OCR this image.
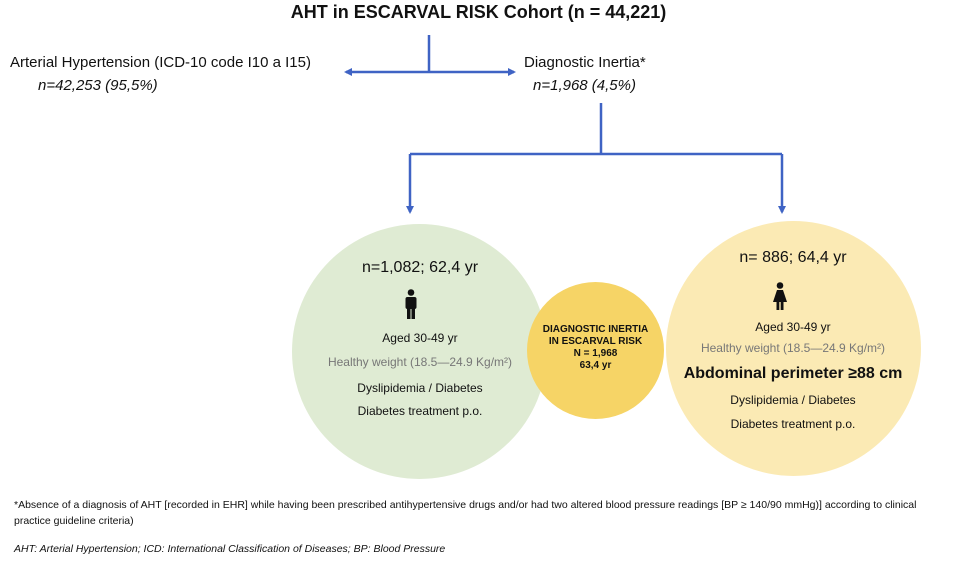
AHT in ESCARVAL RISK Cohort (n = 44,221)
Arterial Hypertension (ICD-10 code I10 a I15)
n=42,253 (95,5%)
Diagnostic Inertia*
n=1,968 (4,5%)
n=1,082; 62,4 yr
Aged 30-49 yr
Healthy weight (18.5—24.9 Kg/m²)
Dyslipidemia / Diabetes
Diabetes treatment p.o.
DIAGNOSTIC INERTIA
IN ESCARVAL RISK
N = 1,968
63,4 yr
n= 886; 64,4 yr
Aged 30-49 yr
Healthy weight (18.5—24.9 Kg/m²)
Abdominal perimeter ≥88 cm
Dyslipidemia / Diabetes
Diabetes treatment p.o.
*Absence of a diagnosis of AHT [recorded in EHR] while having been prescribed antihypertensive drugs and/or had two altered blood pressure readings [BP ≥ 140/90 mmHg)] according to clinical practice guideline criteria)
AHT: Arterial Hypertension; ICD: International Classification of Diseases; BP: Blood Pressure
